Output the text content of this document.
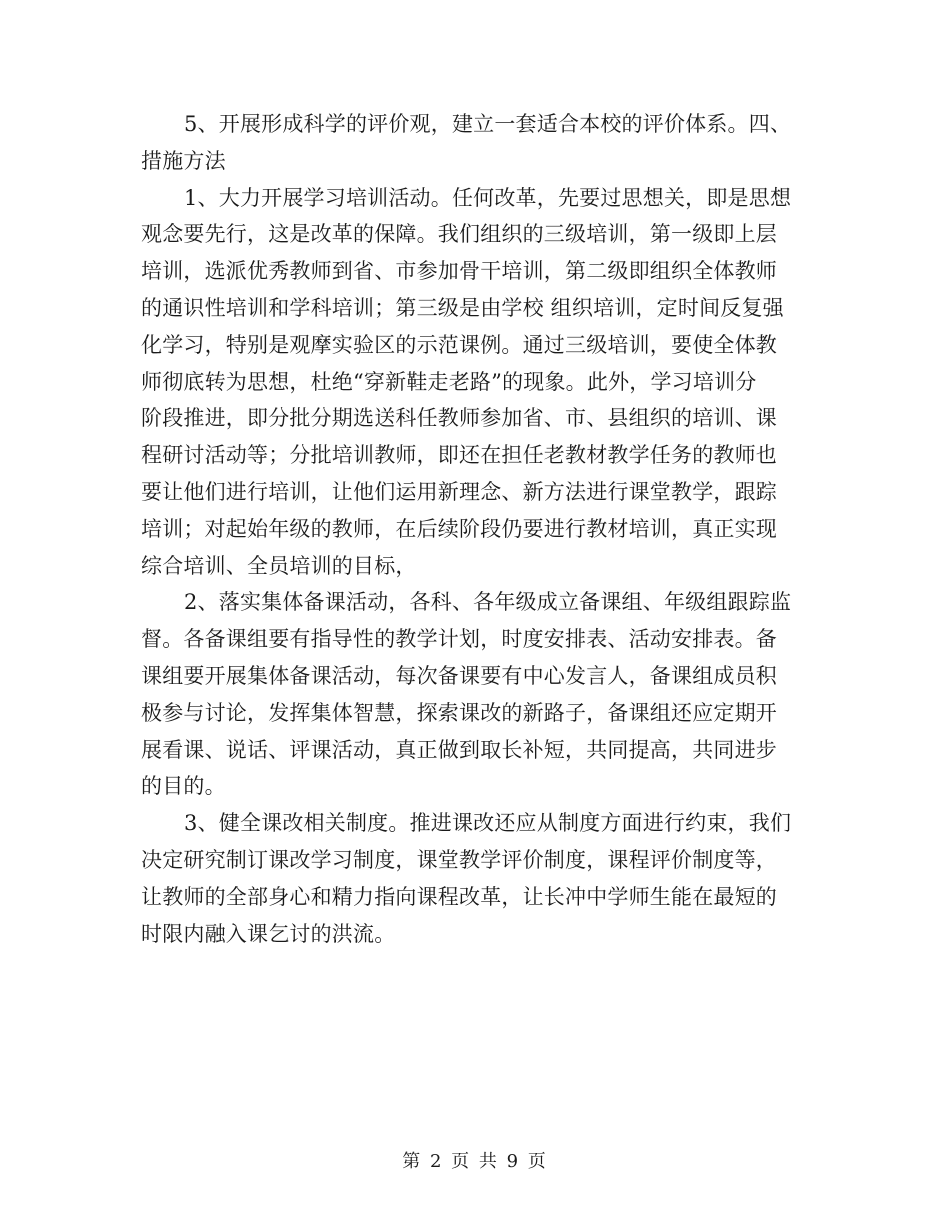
5、开展形成科学的评价观，建立一套适合本校的评价体系。四、
措施方法

1、大力开展学习培训活动。任何改革，先要过思想关，即是思想
观念要先行，这是改革的保障。我们组织的三级培训，第一级即上层
培训，选派优秀教师到省、市参加骨干培训，第二级即组织全体教师
的通识性培训和学科培训；第三级是由学校 组织培训，定时间反复强
化学习，特别是观摩实验区的示范课例。通过三级培训，要使全体教
师彻底转为思想，杜绝“穿新鞋走老路”的现象。此外，学习培训分
阶段推进，即分批分期选送科任教师参加省、市、县组织的培训、课
程研讨活动等；分批培训教师，即还在担任老教材教学任务的教师也
要让他们进行培训，让他们运用新理念、新方法进行课堂教学，跟踪
培训；对起始年级的教师，在后续阶段仍要进行教材培训，真正实现
综合培训、全员培训的目标，

2、落实集体备课活动，各科、各年级成立备课组、年级组跟踪监
督。各备课组要有指导性的教学计划，时度安排表、活动安排表。备
课组要开展集体备课活动，每次备课要有中心发言人，备课组成员积
极参与讨论，发挥集体智慧，探索课改的新路子，备课组还应定期开
展看课、说话、评课活动，真正做到取长补短，共同提高，共同进步
的目的。

3、健全课改相关制度。推进课改还应从制度方面进行约束，我们
决定研究制订课改学习制度，课堂教学评价制度，课程评价制度等，
让教师的全部身心和精力指向课程改革，让长冲中学师生能在最短的
时限内融入课乞讨的洪流。

第 2 页 共 9 页
